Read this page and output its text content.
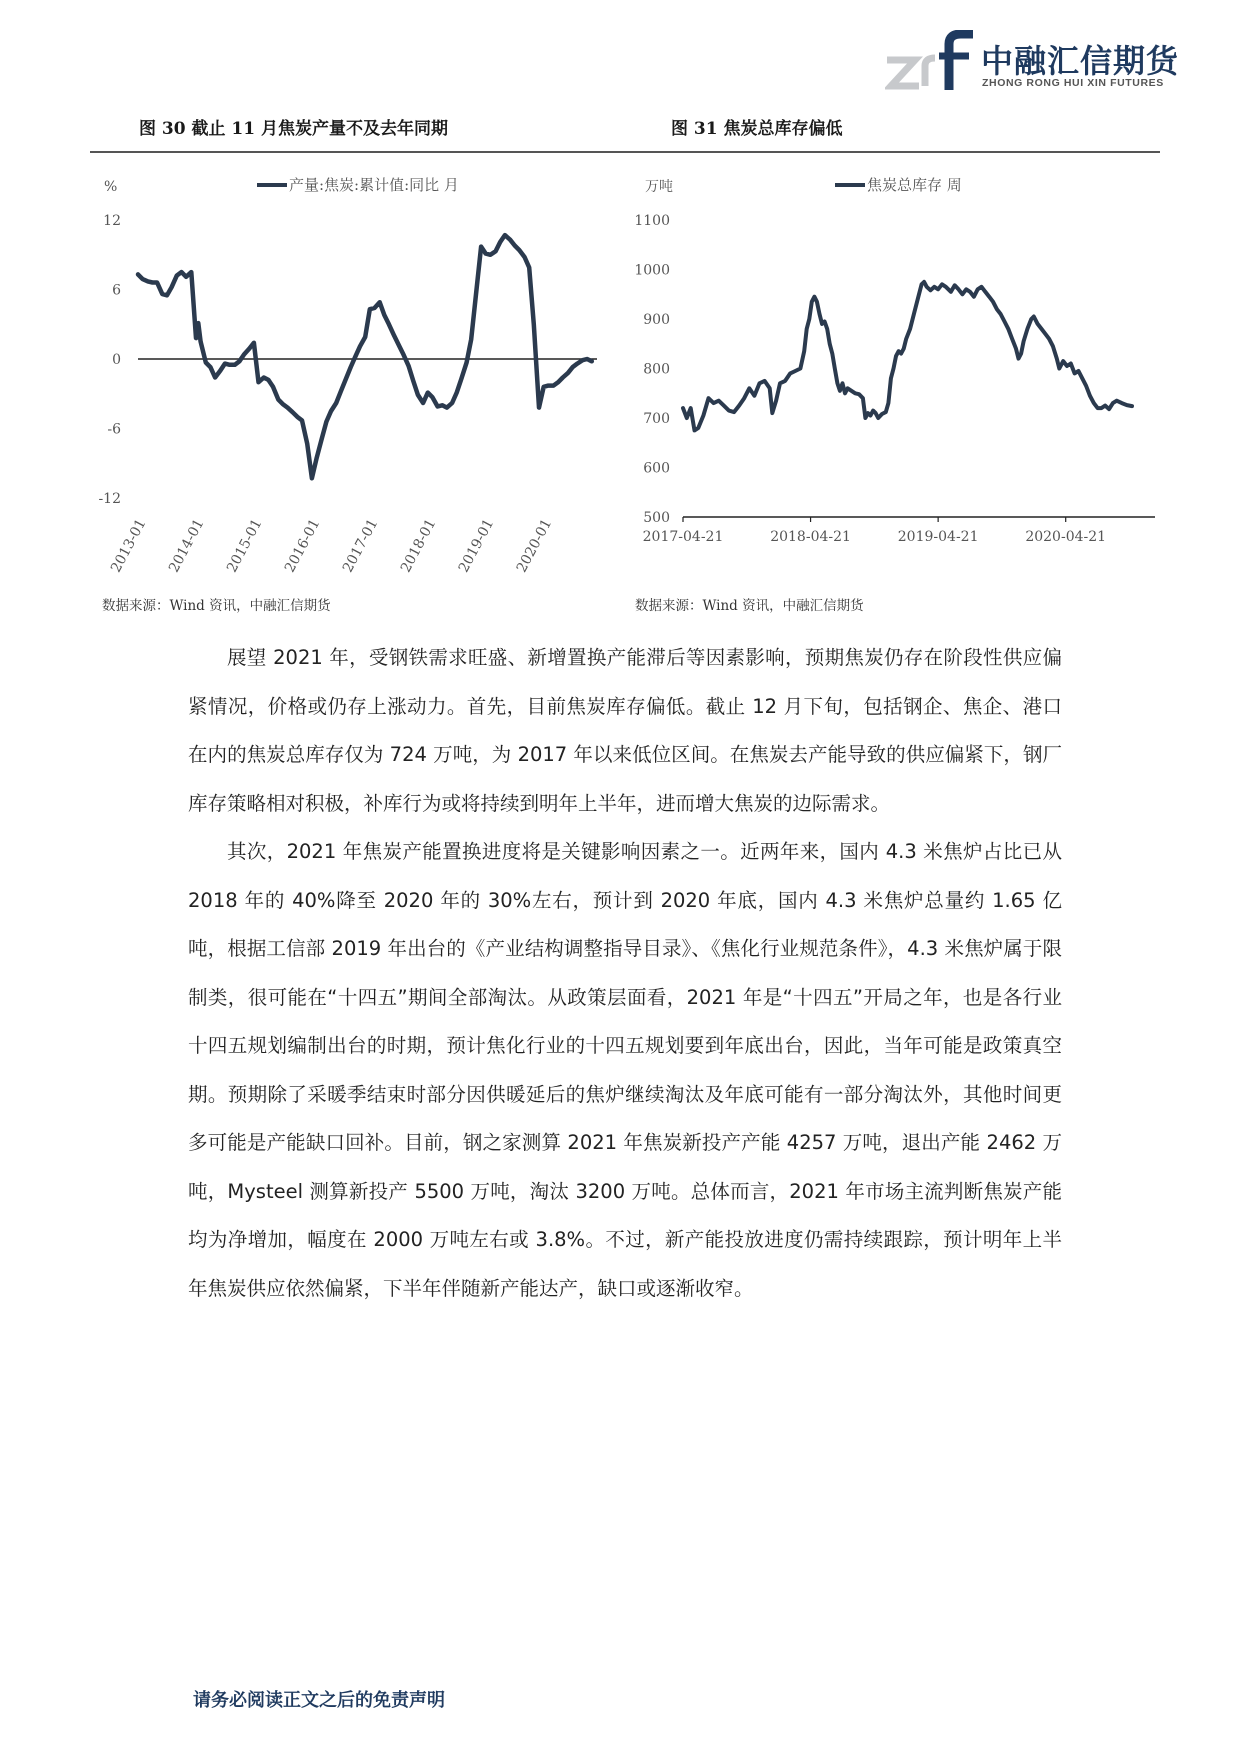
中融汇信期货
ZHONG RONG HUI XIN FUTURES
图 30 截止 11 月焦炭产量不及去年同期	图 31 焦炭总库存偏低
产量:焦炭:累计值:同比 月
%
12
6
0
-6
-12
2013-01 2014-01 2015-01 2016-01 2017-01 2018-01 2019-01 2020-01
焦炭总库存 周
万吨
1100
1000
900
800
700
600
500
2017-04-21	2018-04-21	2019-04-21	2020-04-21
数据来源：Wind 资讯，中融汇信期货	数据来源：Wind 资讯，中融汇信期货

展望 2021 年，受钢铁需求旺盛、新增置换产能滞后等因素影响，预期焦炭仍存在阶段性供应偏紧情况，价格或仍存上涨动力。首先，目前焦炭库存偏低。截止 12 月下旬，包括钢企、焦企、港口在内的焦炭总库存仅为 724 万吨，为 2017 年以来低位区间。在焦炭去产能导致的供应偏紧下，钢厂库存策略相对积极，补库行为或将持续到明年上半年，进而增大焦炭的边际需求。

其次，2021 年焦炭产能置换进度将是关键影响因素之一。近两年来，国内 4.3 米焦炉占比已从 2018 年的 40%降至 2020 年的 30%左右，预计到 2020 年底，国内 4.3 米焦炉总量约 1.65 亿吨，根据工信部 2019 年出台的《产业结构调整指导目录》、《焦化行业规范条件》，4.3 米焦炉属于限制类，很可能在“十四五”期间全部淘汰。从政策层面看，2021 年是“十四五”开局之年，也是各行业十四五规划编制出台的时期，预计焦化行业的十四五规划要到年底出台，因此，当年可能是政策真空期。预期除了采暖季结束时部分因供暖延后的焦炉继续淘汰及年底可能有一部分淘汰外，其他时间更多可能是产能缺口回补。目前，钢之家测算 2021 年焦炭新投产产能 4257 万吨，退出产能 2462 万吨，Mysteel 测算新投产 5500 万吨，淘汰 3200 万吨。总体而言，2021 年市场主流判断焦炭产能均为净增加，幅度在 2000 万吨左右或 3.8%。不过，新产能投放进度仍需持续跟踪，预计明年上半年焦炭供应依然偏紧，下半年伴随新产能达产，缺口或逐渐收窄。

请务必阅读正文之后的免责声明
